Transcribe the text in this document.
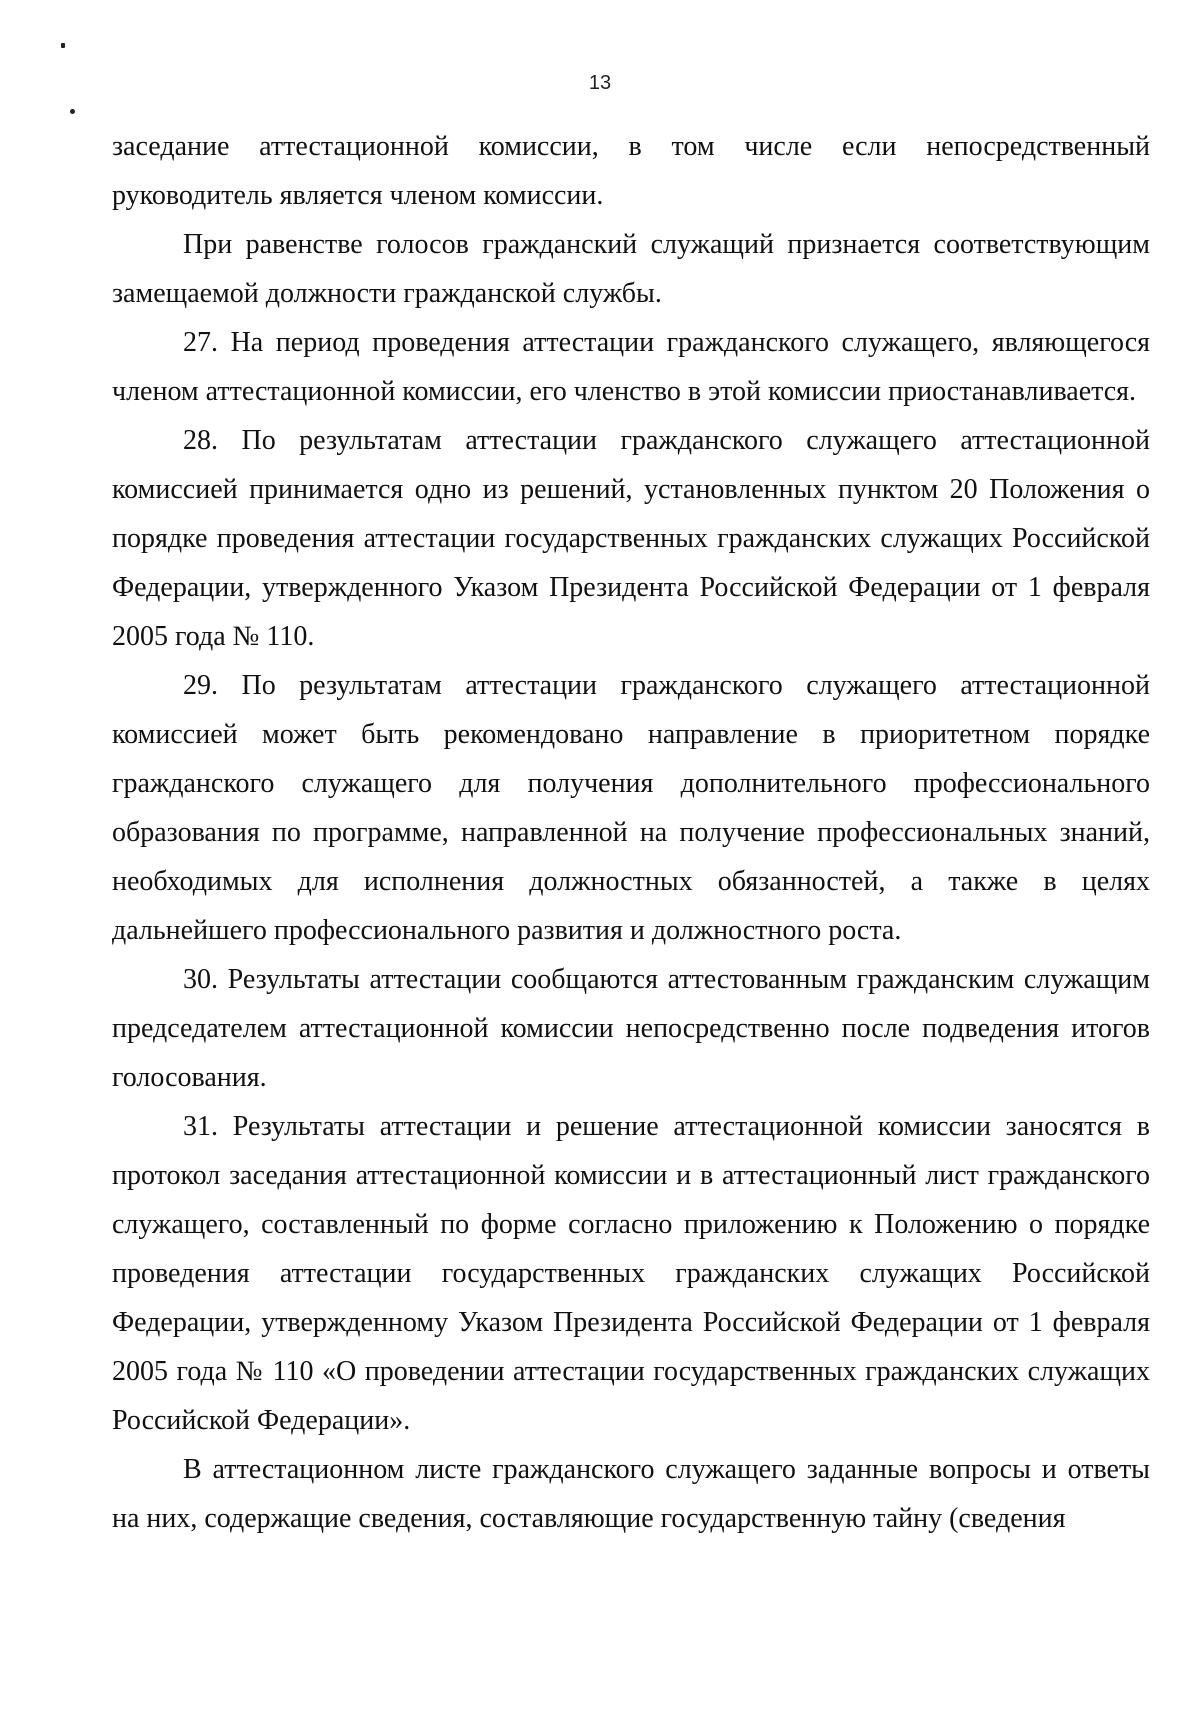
13

заседание аттестационной комиссии, в том числе если непосредственный руководитель является членом комиссии.

При равенстве голосов гражданский служащий признается соответствующим замещаемой должности гражданской службы.

27. На период проведения аттестации гражданского служащего, являющегося членом аттестационной комиссии, его членство в этой комиссии приостанавливается.

28. По результатам аттестации гражданского служащего аттестационной комиссией принимается одно из решений, установленных пунктом 20 Положения о порядке проведения аттестации государственных гражданских служащих Российской Федерации, утвержденного Указом Президента Российской Федерации от 1 февраля 2005 года № 110.

29. По результатам аттестации гражданского служащего аттестационной комиссией может быть рекомендовано направление в приоритетном порядке гражданского служащего для получения дополнительного профессионального образования по программе, направленной на получение профессиональных знаний, необходимых для исполнения должностных обязанностей, а также в целях дальнейшего профессионального развития и должностного роста.

30. Результаты аттестации сообщаются аттестованным гражданским служащим председателем аттестационной комиссии непосредственно после подведения итогов голосования.

31. Результаты аттестации и решение аттестационной комиссии заносятся в протокол заседания аттестационной комиссии и в аттестационный лист гражданского служащего, составленный по форме согласно приложению к Положению о порядке проведения аттестации государственных гражданских служащих Российской Федерации, утвержденному Указом Президента Российской Федерации от 1 февраля 2005 года № 110 «О проведении аттестации государственных гражданских служащих Российской Федерации».

В аттестационном листе гражданского служащего заданные вопросы и ответы на них, содержащие сведения, составляющие государственную тайну (сведения
